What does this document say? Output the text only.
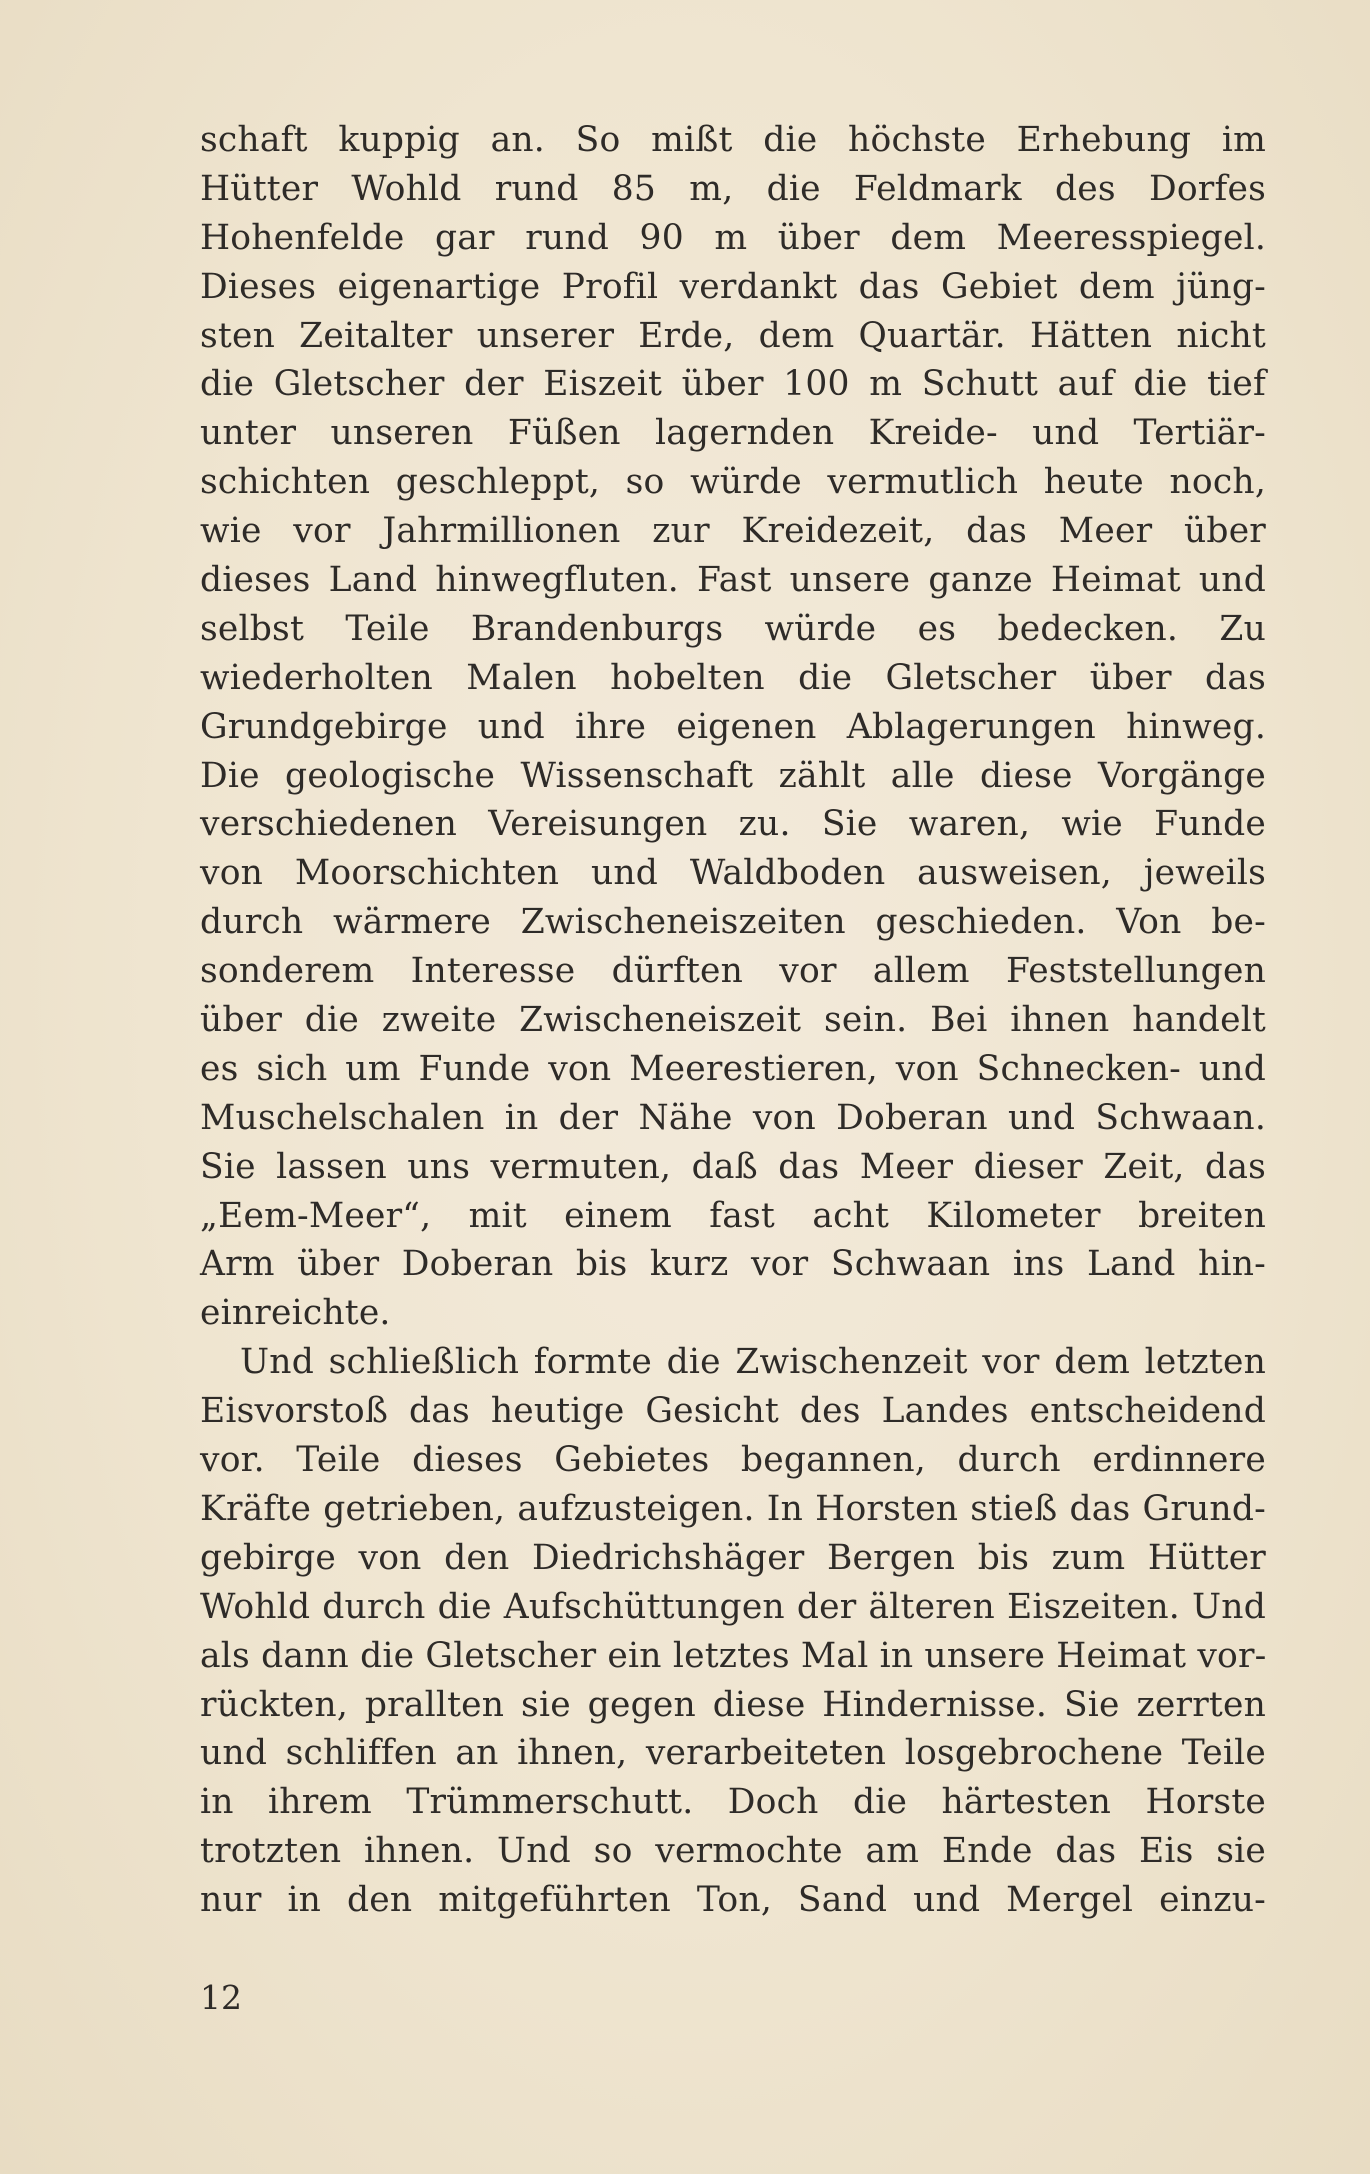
schaft kuppig an. So mißt die höchste Erhebung im
Hütter Wohld rund 85 m, die Feldmark des Dorfes
Hohenfelde gar rund 90 m über dem Meeresspiegel.
Dieses eigenartige Profil verdankt das Gebiet dem jüng-
sten Zeitalter unserer Erde, dem Quartär. Hätten nicht
die Gletscher der Eiszeit über 100 m Schutt auf die tief
unter unseren Füßen lagernden Kreide- und Tertiär-
schichten geschleppt, so würde vermutlich heute noch,
wie vor Jahrmillionen zur Kreidezeit, das Meer über
dieses Land hinwegfluten. Fast unsere ganze Heimat und
selbst Teile Brandenburgs würde es bedecken. Zu
wiederholten Malen hobelten die Gletscher über das
Grundgebirge und ihre eigenen Ablagerungen hinweg.
Die geologische Wissenschaft zählt alle diese Vorgänge
verschiedenen Vereisungen zu. Sie waren, wie Funde
von Moorschichten und Waldboden ausweisen, jeweils
durch wärmere Zwischeneiszeiten geschieden. Von be-
sonderem Interesse dürften vor allem Feststellungen
über die zweite Zwischeneiszeit sein. Bei ihnen handelt
es sich um Funde von Meerestieren, von Schnecken- und
Muschelschalen in der Nähe von Doberan und Schwaan.
Sie lassen uns vermuten, daß das Meer dieser Zeit, das
„Eem-Meer“, mit einem fast acht Kilometer breiten
Arm über Doberan bis kurz vor Schwaan ins Land hin-
einreichte.
Und schließlich formte die Zwischenzeit vor dem letzten
Eisvorstoß das heutige Gesicht des Landes entscheidend
vor. Teile dieses Gebietes begannen, durch erdinnere
Kräfte getrieben, aufzusteigen. In Horsten stieß das Grund-
gebirge von den Diedrichshäger Bergen bis zum Hütter
Wohld durch die Aufschüttungen der älteren Eiszeiten. Und
als dann die Gletscher ein letztes Mal in unsere Heimat vor-
rückten, prallten sie gegen diese Hindernisse. Sie zerrten
und schliffen an ihnen, verarbeiteten losgebrochene Teile
in ihrem Trümmerschutt. Doch die härtesten Horste
trotzten ihnen. Und so vermochte am Ende das Eis sie
nur in den mitgeführten Ton, Sand und Mergel einzu-
12
